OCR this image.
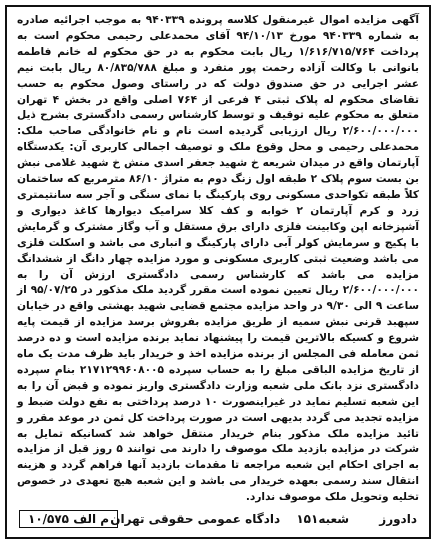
آگهی مزایده اموال غیرمنقول کلاسه پرونده ۹۴۰۳۳۹ به موجب اجرائیه صادره به شماره ۹۴۰۳۳۹ مورخ ۹۴/۱۰/۱۳ آقای محمدعلی رحیمی محکوم است به پرداخت ۱/۶۱۶/۷۱۵/۷۶۴ ریال بابت محکوم به در حق محکوم له خانم فاطمه بانوانی با وکالت آزاده رحمت پور متفرد و مبلغ ۸۰/۸۳۵/۷۸۸ ریال بابت نیم عشر اجرایی در حق صندوق دولت که در راستای وصول محکوم به حسب تقاضای محکوم له پلاک ثبتی ۴ فرعی از ۷۶۴ اصلی واقع در بخش ۴ تهران متعلق به محکوم علیه توقیف و توسط کارشناس رسمی دادگستری بشرح ذیل ۲/۶۰۰/۰۰۰/۰۰۰ ریال ارزیابی گردیده است نام و نام خانوادگی صاحب ملک: محمدعلی رحیمی و محل وقوع ملک و توصیف اجمالی کاربری آن: یکدستگاه آپارتمان واقع در میدان شریعه خ شهید جعفر اسدی منش خ شهید غلامی نبش بن بست سوم پلاک ۲ طبقه اول زنگ دوم به متراژ ۸۶/۱۰ مترمربع که ساختمان کلاً طبقه تکواحدی مسکونی روی پارکینگ با نمای سنگی و آجر سه سانتیمتری زرد و کرم آپارتمان ۲ خوابه و کف کلا سرامیک دیوارها کاغذ دیواری و آشپزخانه اپن وکابینت فلزی دارای برق مستقل و آب وگاز مشترک و گرمایش با پکیج و سرمایش کولر آبی دارای پارکینگ و انباری می باشد و اسکلت فلزی می باشد وضعیت ثبتی کاربری مسکونی و مورد مزایده چهار دانگ از ششدانگ مزایده می باشد که کارشناس رسمی دادگستری ارزش آن را به ۲/۶۰۰/۰۰۰/۰۰۰ ریال تعیین نموده است مقرر گردید ملک مذکور در ۹۵/۰۷/۲۵ از ساعت ۹ الی ۹/۳۰ در واحد مزایده مجتمع قضایی شهید بهشتی واقع در خیابان سپهبد قرنی نبش سمیه از طریق مزایده بفروش برسد مزایده از قیمت پایه شروع و کسیکه بالاترین قیمت را پیشنهاد نماید برنده مزایده است و ده درصد ثمن معامله فی المجلس از برنده مزایده اخذ و خریدار باید ظرف مدت یک ماه از تاریخ مزایده الباقی مبلغ را به حساب سپرده ۲۱۷۱۲۹۹۶۰۸۰۰۵ بنام سپرده دادگستری نزد بانک ملی شعبه وزارت دادگستری واریز نموده و قبض آن را به این شعبه تسلیم نماید در غیراینصورت ۱۰ درصد پرداختی به نفع دولت ضبط و مزایده تجدید می گردد بدیهی است در صورت پرداخت کل ثمن در موعد مقرر و تائید مزایده ملک مذکور بنام خریدار منتقل خواهد شد کسانیکه تمایل به شرکت در مزایده بازدید ملک موصوف را دارند می توانند ۵ روز قبل از مزایده به اجرای احکام این شعبه مراجعه تا مقدمات بازدید آنها فراهم گردد و هزینه انتقال سند رسمی بعهده خریدار می باشد و این شعبه هیچ تعهدی در خصوص تخلیه وتحویل ملک موصوف ندارد.
دادورز شعبه۱۵۱ دادگاه عمومی حقوقی تهران
۱۰/۵۷۵ م الف
